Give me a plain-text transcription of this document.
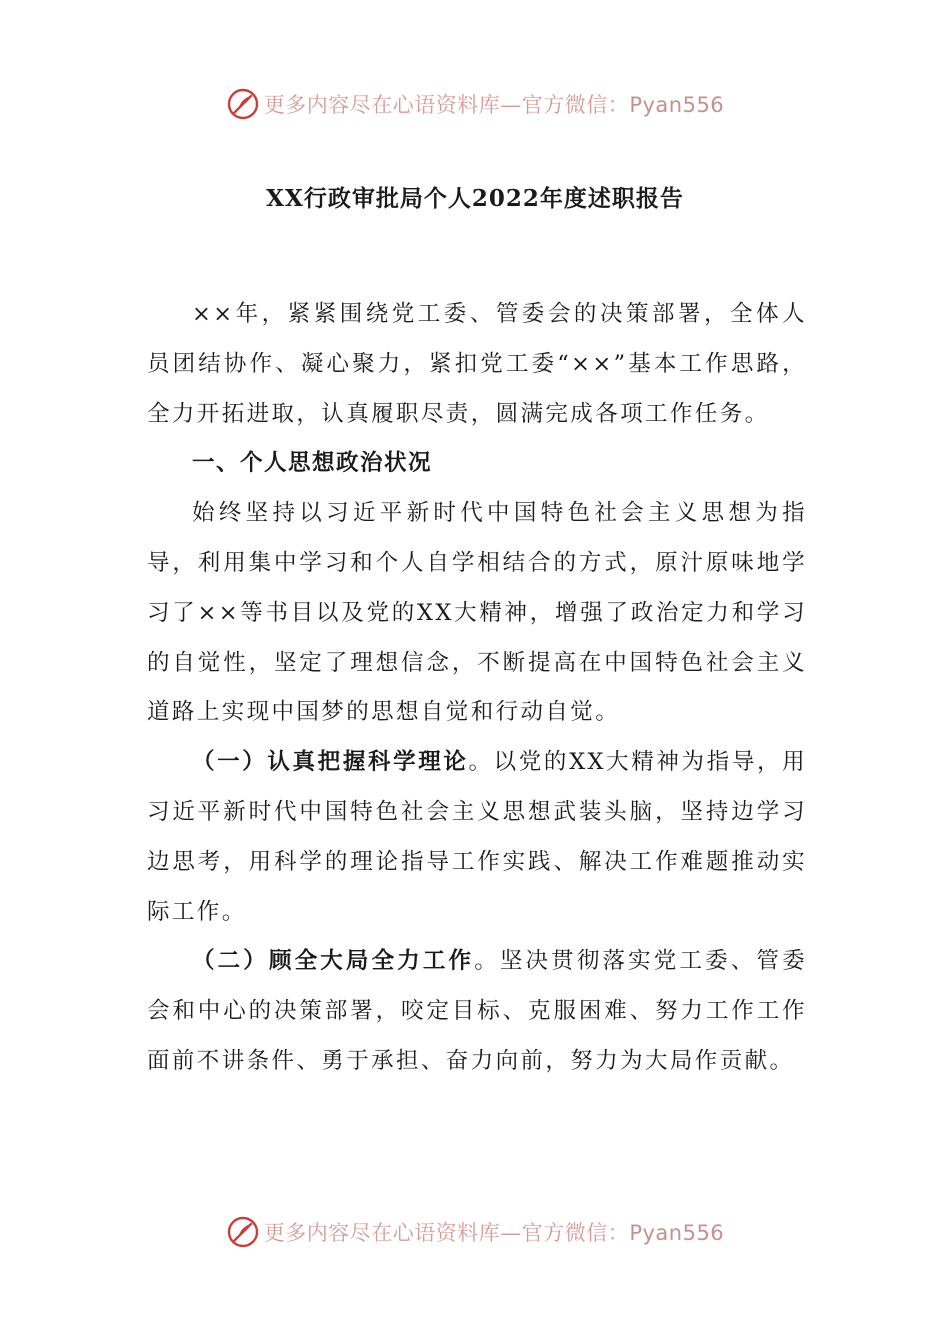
更多内容尽在心语资料库—官方微信：Pyan556
XX行政审批局个人2022年度述职报告

××年，紧紧围绕党工委、管委会的决策部署，全体人员团结协作、凝心聚力，紧扣党工委“××”基本工作思路，全力开拓进取，认真履职尽责，圆满完成各项工作任务。

一、个人思想政治状况

始终坚持以习近平新时代中国特色社会主义思想为指导，利用集中学习和个人自学相结合的方式，原汁原味地学习了××等书目以及党的XX大精神，增强了政治定力和学习的自觉性，坚定了理想信念，不断提高在中国特色社会主义道路上实现中国梦的思想自觉和行动自觉。

（一）认真把握科学理论。以党的XX大精神为指导，用习近平新时代中国特色社会主义思想武装头脑，坚持边学习边思考，用科学的理论指导工作实践、解决工作难题推动实际工作。

（二）顾全大局全力工作。坚决贯彻落实党工委、管委会和中心的决策部署，咬定目标、克服困难、努力工作工作面前不讲条件、勇于承担、奋力向前，努力为大局作贡献。

更多内容尽在心语资料库—官方微信：Pyan556
